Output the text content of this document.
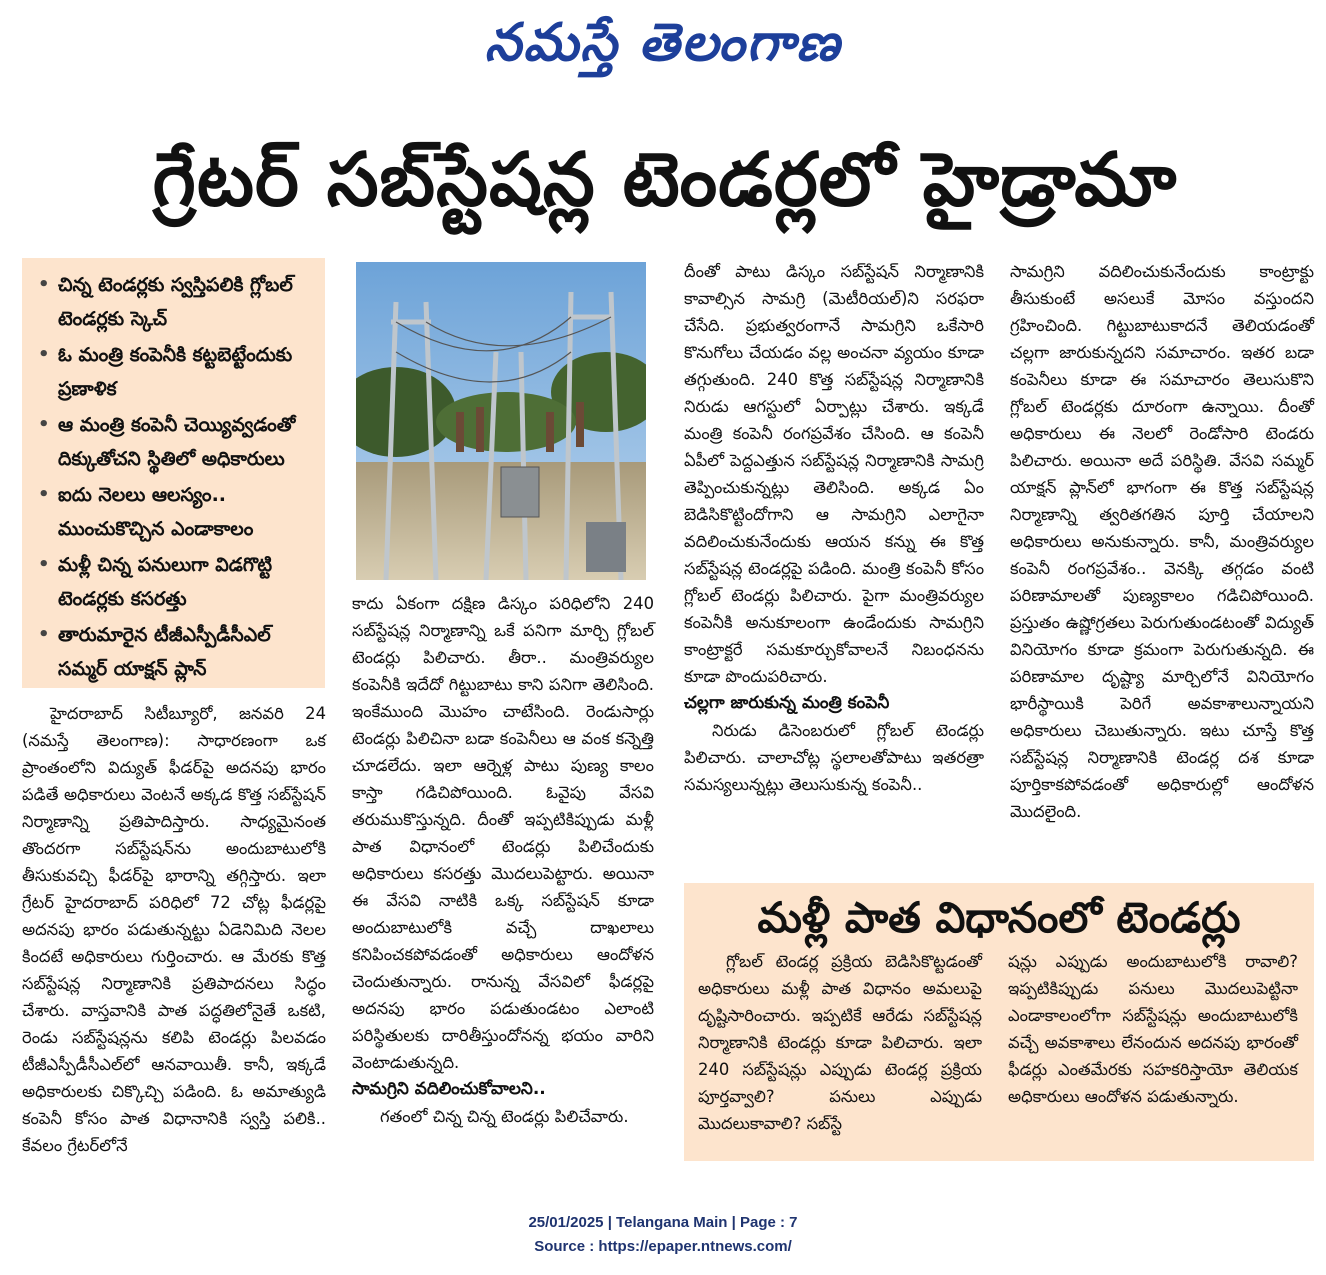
నమస్తే తెలంగాణ
గ్రేటర్ సబ్‌స్టేషన్ల టెండర్లలో హైడ్రామా
• చిన్న టెండర్లకు స్వస్తిపలికి గ్లోబల్ టెండర్లకు స్కెచ్
• ఓ మంత్రి కంపెనీకి కట్టబెట్టేందుకు ప్రణాళిక
• ఆ మంత్రి కంపెనీ చెయ్యివ్వడంతో దిక్కుతోచని స్థితిలో అధికారులు
• ఐదు నెలలు ఆలస్యం.. ముంచుకొచ్చిన ఎండాకాలం
• మళ్లీ చిన్న పనులుగా విడగొట్టి టెండర్లకు కసరత్తు
• తారుమారైన టీజీఎస్పీడీసీఎల్ సమ్మర్ యాక్షన్ ప్లాన్

హైదరాబాద్ సిటీబ్యూరో, జనవరి 24 (నమస్తే తెలంగాణ): సాధారణంగా ఒక ప్రాంతంలోని విద్యుత్ ఫీడర్‌పై అదనపు భారం పడితే అధికారులు వెంటనే అక్కడ కొత్త సబ్‌స్టేషన్ నిర్మాణాన్ని ప్రతిపాదిస్తారు. సాధ్యమైనంత తొందరగా సబ్‌స్టేషన్‌ను అందుబాటులోకి తీసుకువచ్చి ఫీడర్‌పై భారాన్ని తగ్గిస్తారు. ఇలా గ్రేటర్ హైదరాబాద్ పరిధిలో 72 చోట్ల ఫీడర్లపై అదనపు భారం పడుతున్నట్టు ఏడెనిమిది నెలల కిందటే అధికారులు గుర్తించారు. ఆ మేరకు కొత్త సబ్‌స్టేషన్ల నిర్మాణానికి ప్రతిపాదనలు సిద్ధం చేశారు. వాస్తవానికి పాత పద్ధతిలోనైతే ఒకటి, రెండు సబ్‌స్టేషన్లను కలిపి టెండర్లు పిలవడం టీజీఎస్పీడీసీఎల్‌లో ఆనవాయితీ. కానీ, ఇక్కడే అధికారులకు చిక్కొచ్చి పడింది. ఓ అమాత్యుడి కంపెనీ కోసం పాత విధానానికి స్వస్తి పలికి.. కేవలం గ్రేటర్‌లోనే

కాదు ఏకంగా దక్షిణ డిస్కం పరిధిలోని 240 సబ్‌స్టేషన్ల నిర్మాణాన్ని ఒకే పనిగా మార్చి గ్లోబల్ టెండర్లు పిలిచారు. తీరా.. మంత్రివర్యుల కంపెనీకి ఇదేదో గిట్టుబాటు కాని పనిగా తెలిసింది. ఇంకేముంది మొహం చాటేసింది. రెండుసార్లు టెండర్లు పిలిచినా బడా కంపెనీలు ఆ వంక కన్నెత్తి చూడలేదు. ఇలా ఆర్నెళ్ల పాటు పుణ్య కాలం కాస్తా గడిచిపోయింది. ఓవైపు వేసవి తరుముకొస్తున్నది. దీంతో ఇప్పటికిప్పుడు మళ్లీ పాత విధానంలో టెండర్లు పిలిచేందుకు అధికారులు కసరత్తు మొదలుపెట్టారు. అయినా ఈ వేసవి నాటికి ఒక్క సబ్‌స్టేషన్ కూడా అందుబాటులోకి వచ్చే దాఖలాలు కనిపించకపోవడంతో అధికారులు ఆందోళన చెందుతున్నారు. రానున్న వేసవిలో ఫీడర్లపై అదనపు భారం పడుతుండటం ఎలాంటి పరిస్థితులకు దారితీస్తుందోనన్న భయం వారిని వెంటాడుతున్నది.

సామగ్రిని వదిలించుకోవాలని..

గతంలో చిన్న చిన్న టెండర్లు పిలిచేవారు.

దీంతో పాటు డిస్కం సబ్‌స్టేషన్ నిర్మాణానికి కావాల్సిన సామగ్రి (మెటీరియల్)ని సరఫరా చేసేది. ప్రభుత్వరంగానే సామగ్రిని ఒకేసారి కొనుగోలు చేయడం వల్ల అంచనా వ్యయం కూడా తగ్గుతుంది. 240 కొత్త సబ్‌స్టేషన్ల నిర్మాణానికి నిరుడు ఆగస్టులో ఏర్పాట్లు చేశారు. ఇక్కడే మంత్రి కంపెనీ రంగప్రవేశం చేసింది. ఆ కంపెనీ ఏపీలో పెద్దఎత్తున సబ్‌స్టేషన్ల నిర్మాణానికి సామగ్రి తెప్పించుకున్నట్లు తెలిసింది. అక్కడ ఏం బెడిసికొట్టిందోగాని ఆ సామగ్రిని ఎలాగైనా వదిలించుకునేందుకు ఆయన కన్ను ఈ కొత్త సబ్‌స్టేషన్ల టెండర్లపై పడింది. మంత్రి కంపెనీ కోసం గ్లోబల్ టెండర్లు పిలిచారు. పైగా మంత్రివర్యుల కంపెనీకి అనుకూలంగా ఉండేందుకు సామగ్రిని కాంట్రాక్టరే సమకూర్చుకోవాలనే నిబంధనను కూడా పొందుపరిచారు.

చల్లగా జారుకున్న మంత్రి కంపెనీ

నిరుడు డిసెంబరులో గ్లోబల్ టెండర్లు పిలిచారు. చాలాచోట్ల స్థలాలతోపాటు ఇతరత్రా సమస్యలున్నట్లు తెలుసుకున్న కంపెనీ..

సామగ్రిని వదిలించుకునేందుకు కాంట్రాక్టు తీసుకుంటే అసలుకే మోసం వస్తుందని గ్రహించింది. గిట్టుబాటుకాదనే తెలియడంతో చల్లగా జారుకున్నదని సమాచారం. ఇతర బడా కంపెనీలు కూడా ఈ సమాచారం తెలుసుకొని గ్లోబల్ టెండర్లకు దూరంగా ఉన్నాయి. దీంతో అధికారులు ఈ నెలలో రెండోసారి టెండరు పిలిచారు. అయినా అదే పరిస్థితి. వేసవి సమ్మర్ యాక్షన్ ప్లాన్‌లో భాగంగా ఈ కొత్త సబ్‌స్టేషన్ల నిర్మాణాన్ని త్వరితగతిన పూర్తి చేయాలని అధికారులు అనుకున్నారు. కానీ, మంత్రివర్యుల కంపెనీ రంగప్రవేశం.. వెనక్కి తగ్గడం వంటి పరిణామాలతో పుణ్యకాలం గడిచిపోయింది. ప్రస్తుతం ఉష్ణోగ్రతలు పెరుగుతుండటంతో విద్యుత్ వినియోగం కూడా క్రమంగా పెరుగుతున్నది. ఈ పరిణామాల దృష్ట్యా మార్చిలోనే వినియోగం భారీస్థాయికి పెరిగే అవకాశాలున్నాయని అధికారులు చెబుతున్నారు. ఇటు చూస్తే కొత్త సబ్‌స్టేషన్ల నిర్మాణానికి టెండర్ల దశ కూడా పూర్తికాకపోవడంతో అధికారుల్లో ఆందోళన మొదలైంది.

మళ్లీ పాత విధానంలో టెండర్లు

గ్లోబల్ టెండర్ల ప్రక్రియ బెడిసికొట్టడంతో అధికారులు మళ్లీ పాత విధానం అమలుపై దృష్టిసారించారు. ఇప్పటికే ఆరేడు సబ్‌స్టేషన్ల నిర్మాణానికి టెండర్లు కూడా పిలిచారు. ఇలా 240 సబ్‌స్టేషన్లు ఎప్పుడు టెండర్ల ప్రక్రియ పూర్తవ్వాలి? పనులు ఎప్పుడు మొదలుకావాలి? సబ్‌స్టే

షన్లు ఎప్పుడు అందుబాటులోకి రావాలి? ఇప్పటికిప్పుడు పనులు మొదలుపెట్టినా ఎండాకాలంలోగా సబ్‌స్టేషన్లు అందుబాటులోకి వచ్చే అవకాశాలు లేనందున అదనపు భారంతో ఫీడర్లు ఎంతమేరకు సహకరిస్తాయో తెలియక అధికారులు ఆందోళన పడుతున్నారు.

25/01/2025 | Telangana Main | Page : 7
Source : https://epaper.ntnews.com/
